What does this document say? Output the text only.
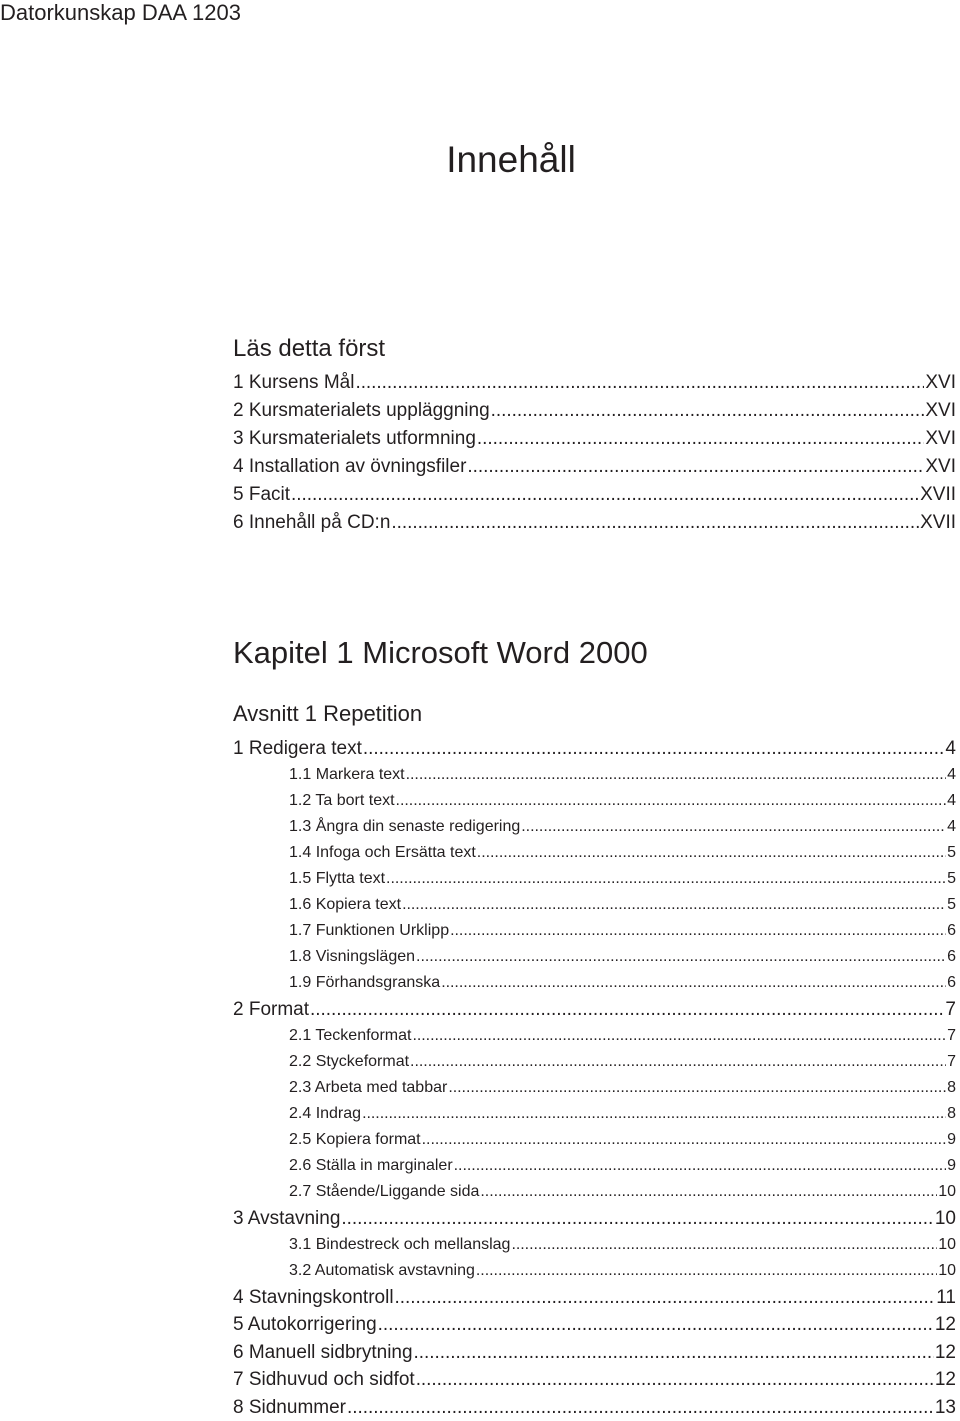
Datorkunskap DAA 1203
Innehåll
Läs detta först
1 Kursens Mål . . .	XVI
2 Kursmaterialets uppläggning . . .	XVI
3 Kursmaterialets utformning . . .	XVI
4 Installation av övningsfiler . . .	XVI
5 Facit . . .	XVII
6 Innehåll på CD:n . . .	XVII
Kapitel 1 Microsoft Word 2000
Avsnitt 1 Repetition
1 Redigera text . . .	4
1.1 Markera text . . .	4
1.2 Ta bort text . . .	4
1.3 Ångra din senaste redigering . . .	4
1.4 Infoga och Ersätta text . . .	5
1.5 Flytta text . . .	5
1.6 Kopiera text . . .	5
1.7 Funktionen Urklipp . . .	6
1.8 Visningslägen . . .	6
1.9 Förhandsgranska . . .	6
2 Format . . .	7
2.1 Teckenformat . . .	7
2.2 Styckeformat . . .	7
2.3 Arbeta med tabbar . . .	8
2.4 Indrag . . .	8
2.5 Kopiera format . . .	9
2.6 Ställa in marginaler . . .	9
2.7 Stående/Liggande sida . . .	10
3 Avstavning . . .	10
3.1 Bindestreck och mellanslag . . .	10
3.2 Automatisk avstavning . . .	10
4 Stavningskontroll . . .	11
5 Autokorrigering . . .	12
6 Manuell sidbrytning . . .	12
7 Sidhuvud och sidfot . . .	12
8 Sidnummer . . .	13
